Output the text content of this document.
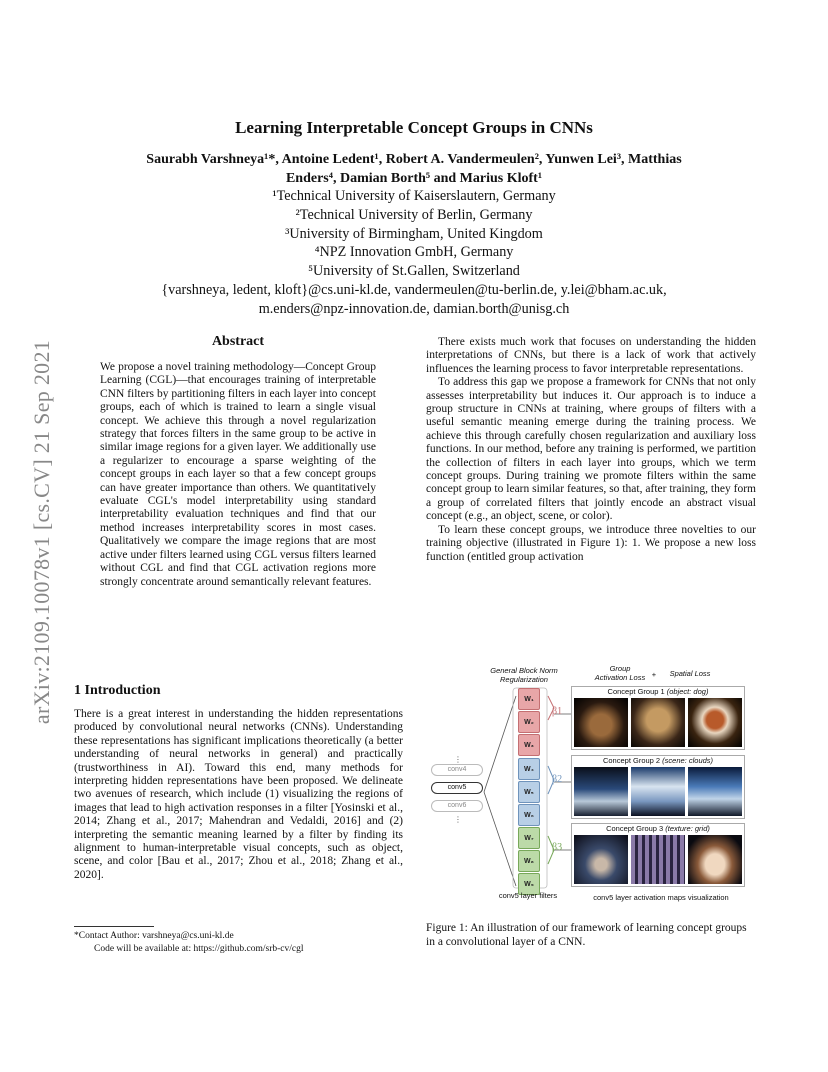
arXiv:2109.10078v1 [cs.CV] 21 Sep 2021
Learning Interpretable Concept Groups in CNNs
Saurabh Varshneya¹*, Antoine Ledent¹, Robert A. Vandermeulen², Yunwen Lei³, Matthias
Enders⁴, Damian Borth⁵ and Marius Kloft¹
¹Technical University of Kaiserslautern, Germany
²Technical University of Berlin, Germany
³University of Birmingham, United Kingdom
⁴NPZ Innovation GmbH, Germany
⁵University of St.Gallen, Switzerland
{varshneya, ledent, kloft}@cs.uni-kl.de, vandermeulen@tu-berlin.de, y.lei@bham.ac.uk,
m.enders@npz-innovation.de, damian.borth@unisg.ch
Abstract

We propose a novel training methodology—Concept Group Learning (CGL)—that encourages training of interpretable CNN filters by partitioning filters in each layer into concept groups, each of which is trained to learn a single visual concept. We achieve this through a novel regularization strategy that forces filters in the same group to be active in similar image regions for a given layer. We additionally use a regularizer to encourage a sparse weighting of the concept groups in each layer so that a few concept groups can have greater importance than others. We quantitatively evaluate CGL's model interpretability using standard interpretability evaluation techniques and find that our method increases interpretability scores in most cases. Qualitatively we compare the image regions that are most active under filters learned using CGL versus filters learned without CGL and find that CGL activation regions more strongly concentrate around semantically relevant features.

1 Introduction

There is a great interest in understanding the hidden representations produced by convolutional neural networks (CNNs). Understanding these representations has significant implications theoretically (a better understanding of neural networks in general) and practically (trustworthiness in AI). Toward this end, many methods for interpreting hidden representations have been proposed. We delineate two avenues of research, which include (1) visualizing the regions of images that lead to high activation responses in a filter [Yosinski et al., 2014; Zhang et al., 2017; Mahendran and Vedaldi, 2016] and (2) interpreting the semantic meaning learned by a filter by finding its alignment to human-interpretable visual concepts, such as object, scene, and color [Bau et al., 2017; Zhou et al., 2018; Zhang et al., 2020].

*Contact Author: varshneya@cs.uni-kl.de
Code will be available at: https://github.com/srb-cv/cgl

There exists much work that focuses on understanding the hidden interpretations of CNNs, but there is a lack of work that actively influences the learning process to favor interpretable representations.

To address this gap we propose a framework for CNNs that not only assesses interpretability but induces it. Our approach is to induce a group structure in CNNs at training, where groups of filters with a useful semantic meaning emerge during the training process. We achieve this through carefully chosen regularization and auxiliary loss functions. In our method, before any training is performed, we partition the collection of filters in each layer into groups, which we term concept groups. During training we promote filters within the same concept group to learn similar features, so that, after training, they form a group of correlated filters that jointly encode an abstract visual concept (e.g., an object, scene, or color).

To learn these concept groups, we introduce three novelties to our training objective (illustrated in Figure 1): 1. We propose a new loss function (entitled group activation

⋮
⋮
General Block Norm Regularization
Group Activation Loss +	Spatial Loss
conv4
conv5
conv6
W₁
W₂
W₃
W₄
W₅
W₆
W₇
W₈
W₉
β1
β2
β3
Concept Group 1 (object: dog)
Concept Group 2 (scene: clouds)
Concept Group 3 (texture: grid)
conv5 layer filters	conv5 layer activation maps visualization
Figure 1: An illustration of our framework of learning concept groups in a convolutional layer of a CNN.
